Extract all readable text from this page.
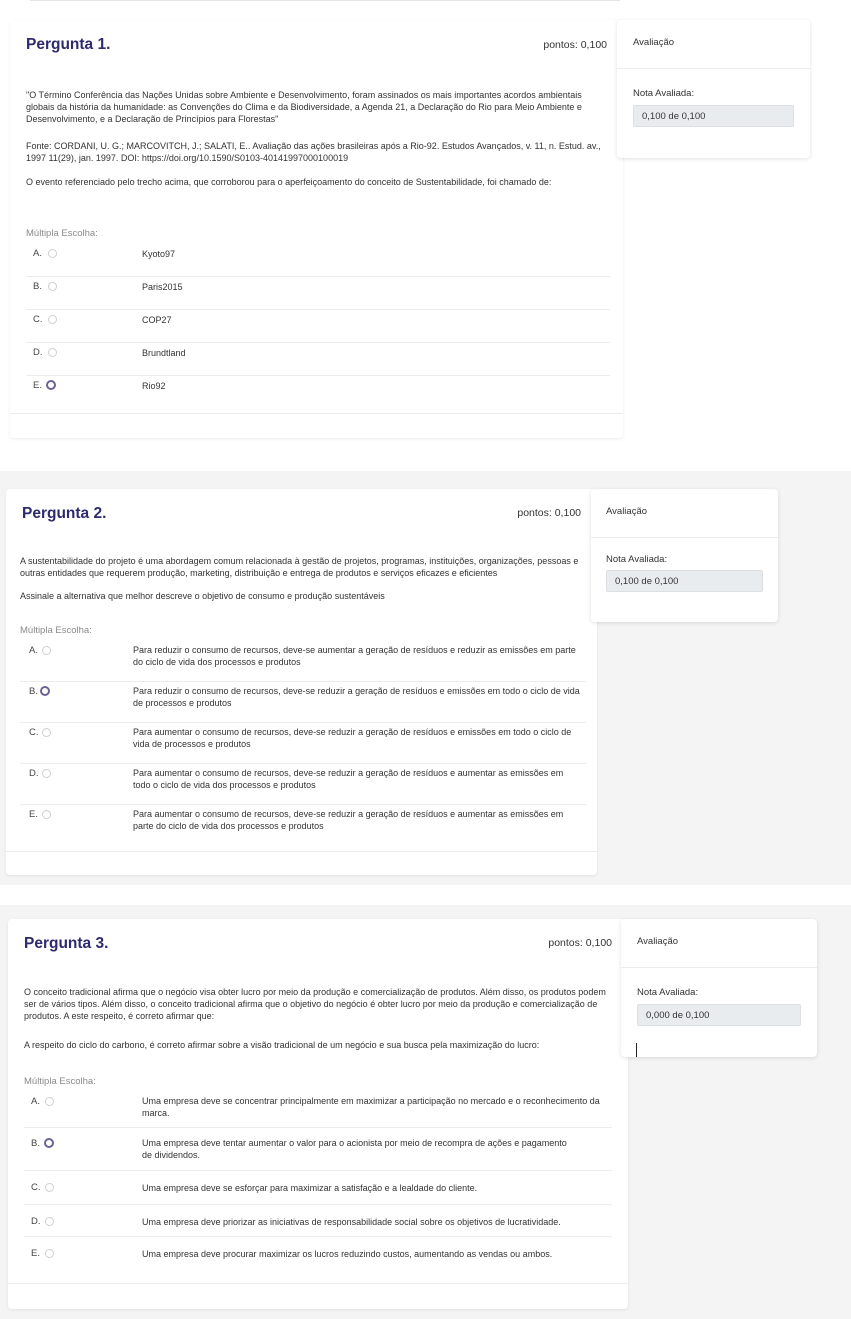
Pergunta 1.	pontos: 0,100
"O Término Conferência das Nações Unidas sobre Ambiente e Desenvolvimento, foram assinados os mais importantes acordos ambientais globais da história da humanidade: as Convenções do Clima e da Biodiversidade, a Agenda 21, a Declaração do Rio para Meio Ambiente e Desenvolvimento, e a Declaração de Princípios para Florestas"
Fonte: CORDANI, U. G.; MARCOVITCH, J.; SALATI, E.. Avaliação das ações brasileiras após a Rio-92. Estudos Avançados, v. 11, n. Estud. av., 1997 11(29), jan. 1997. DOI: https://doi.org/10.1590/S0103-40141997000100019
O evento referenciado pelo trecho acima, que corroborou para o aperfeiçoamento do conceito de Sustentabilidade, foi chamado de:
Múltipla Escolha:
A.	Kyoto97
B.	Paris2015
C.	COP27
D.	Brundtland
E.	Rio92
Avaliação
Nota Avaliada:
0,100 de 0,100
Pergunta 2.	pontos: 0,100
A sustentabilidade do projeto é uma abordagem comum relacionada à gestão de projetos, programas, instituições, organizações, pessoas e outras entidades que requerem produção, marketing, distribuição e entrega de produtos e serviços eficazes e eficientes
Assinale a alternativa que melhor descreve o objetivo de consumo e produção sustentáveis
Múltipla Escolha:
A.	Para reduzir o consumo de recursos, deve-se aumentar a geração de resíduos e reduzir as emissões em parte do ciclo de vida dos processos e produtos
B.	Para reduzir o consumo de recursos, deve-se reduzir a geração de resíduos e emissões em todo o ciclo de vida de processos e produtos
C.	Para aumentar o consumo de recursos, deve-se reduzir a geração de resíduos e emissões em todo o ciclo de vida de processos e produtos
D.	Para aumentar o consumo de recursos, deve-se reduzir a geração de resíduos e aumentar as emissões em todo o ciclo de vida dos processos e produtos
E.	Para aumentar o consumo de recursos, deve-se reduzir a geração de resíduos e aumentar as emissões em parte do ciclo de vida dos processos e produtos
Avaliação
Nota Avaliada:
0,100 de 0,100
Pergunta 3.	pontos: 0,100
O conceito tradicional afirma que o negócio visa obter lucro por meio da produção e comercialização de produtos. Além disso, os produtos podem ser de vários tipos. Além disso, o conceito tradicional afirma que o objetivo do negócio é obter lucro por meio da produção e comercialização de produtos. A este respeito, é correto afirmar que:
A respeito do ciclo do carbono, é correto afirmar sobre a visão tradicional de um negócio e sua busca pela maximização do lucro:
Múltipla Escolha:
A.	Uma empresa deve se concentrar principalmente em maximizar a participação no mercado e o reconhecimento da marca.
B.	Uma empresa deve tentar aumentar o valor para o acionista por meio de recompra de ações e pagamento de dividendos.
C.	Uma empresa deve se esforçar para maximizar a satisfação e a lealdade do cliente.
D.	Uma empresa deve priorizar as iniciativas de responsabilidade social sobre os objetivos de lucratividade.
E.	Uma empresa deve procurar maximizar os lucros reduzindo custos, aumentando as vendas ou ambos.
Avaliação
Nota Avaliada:
0,000 de 0,100
